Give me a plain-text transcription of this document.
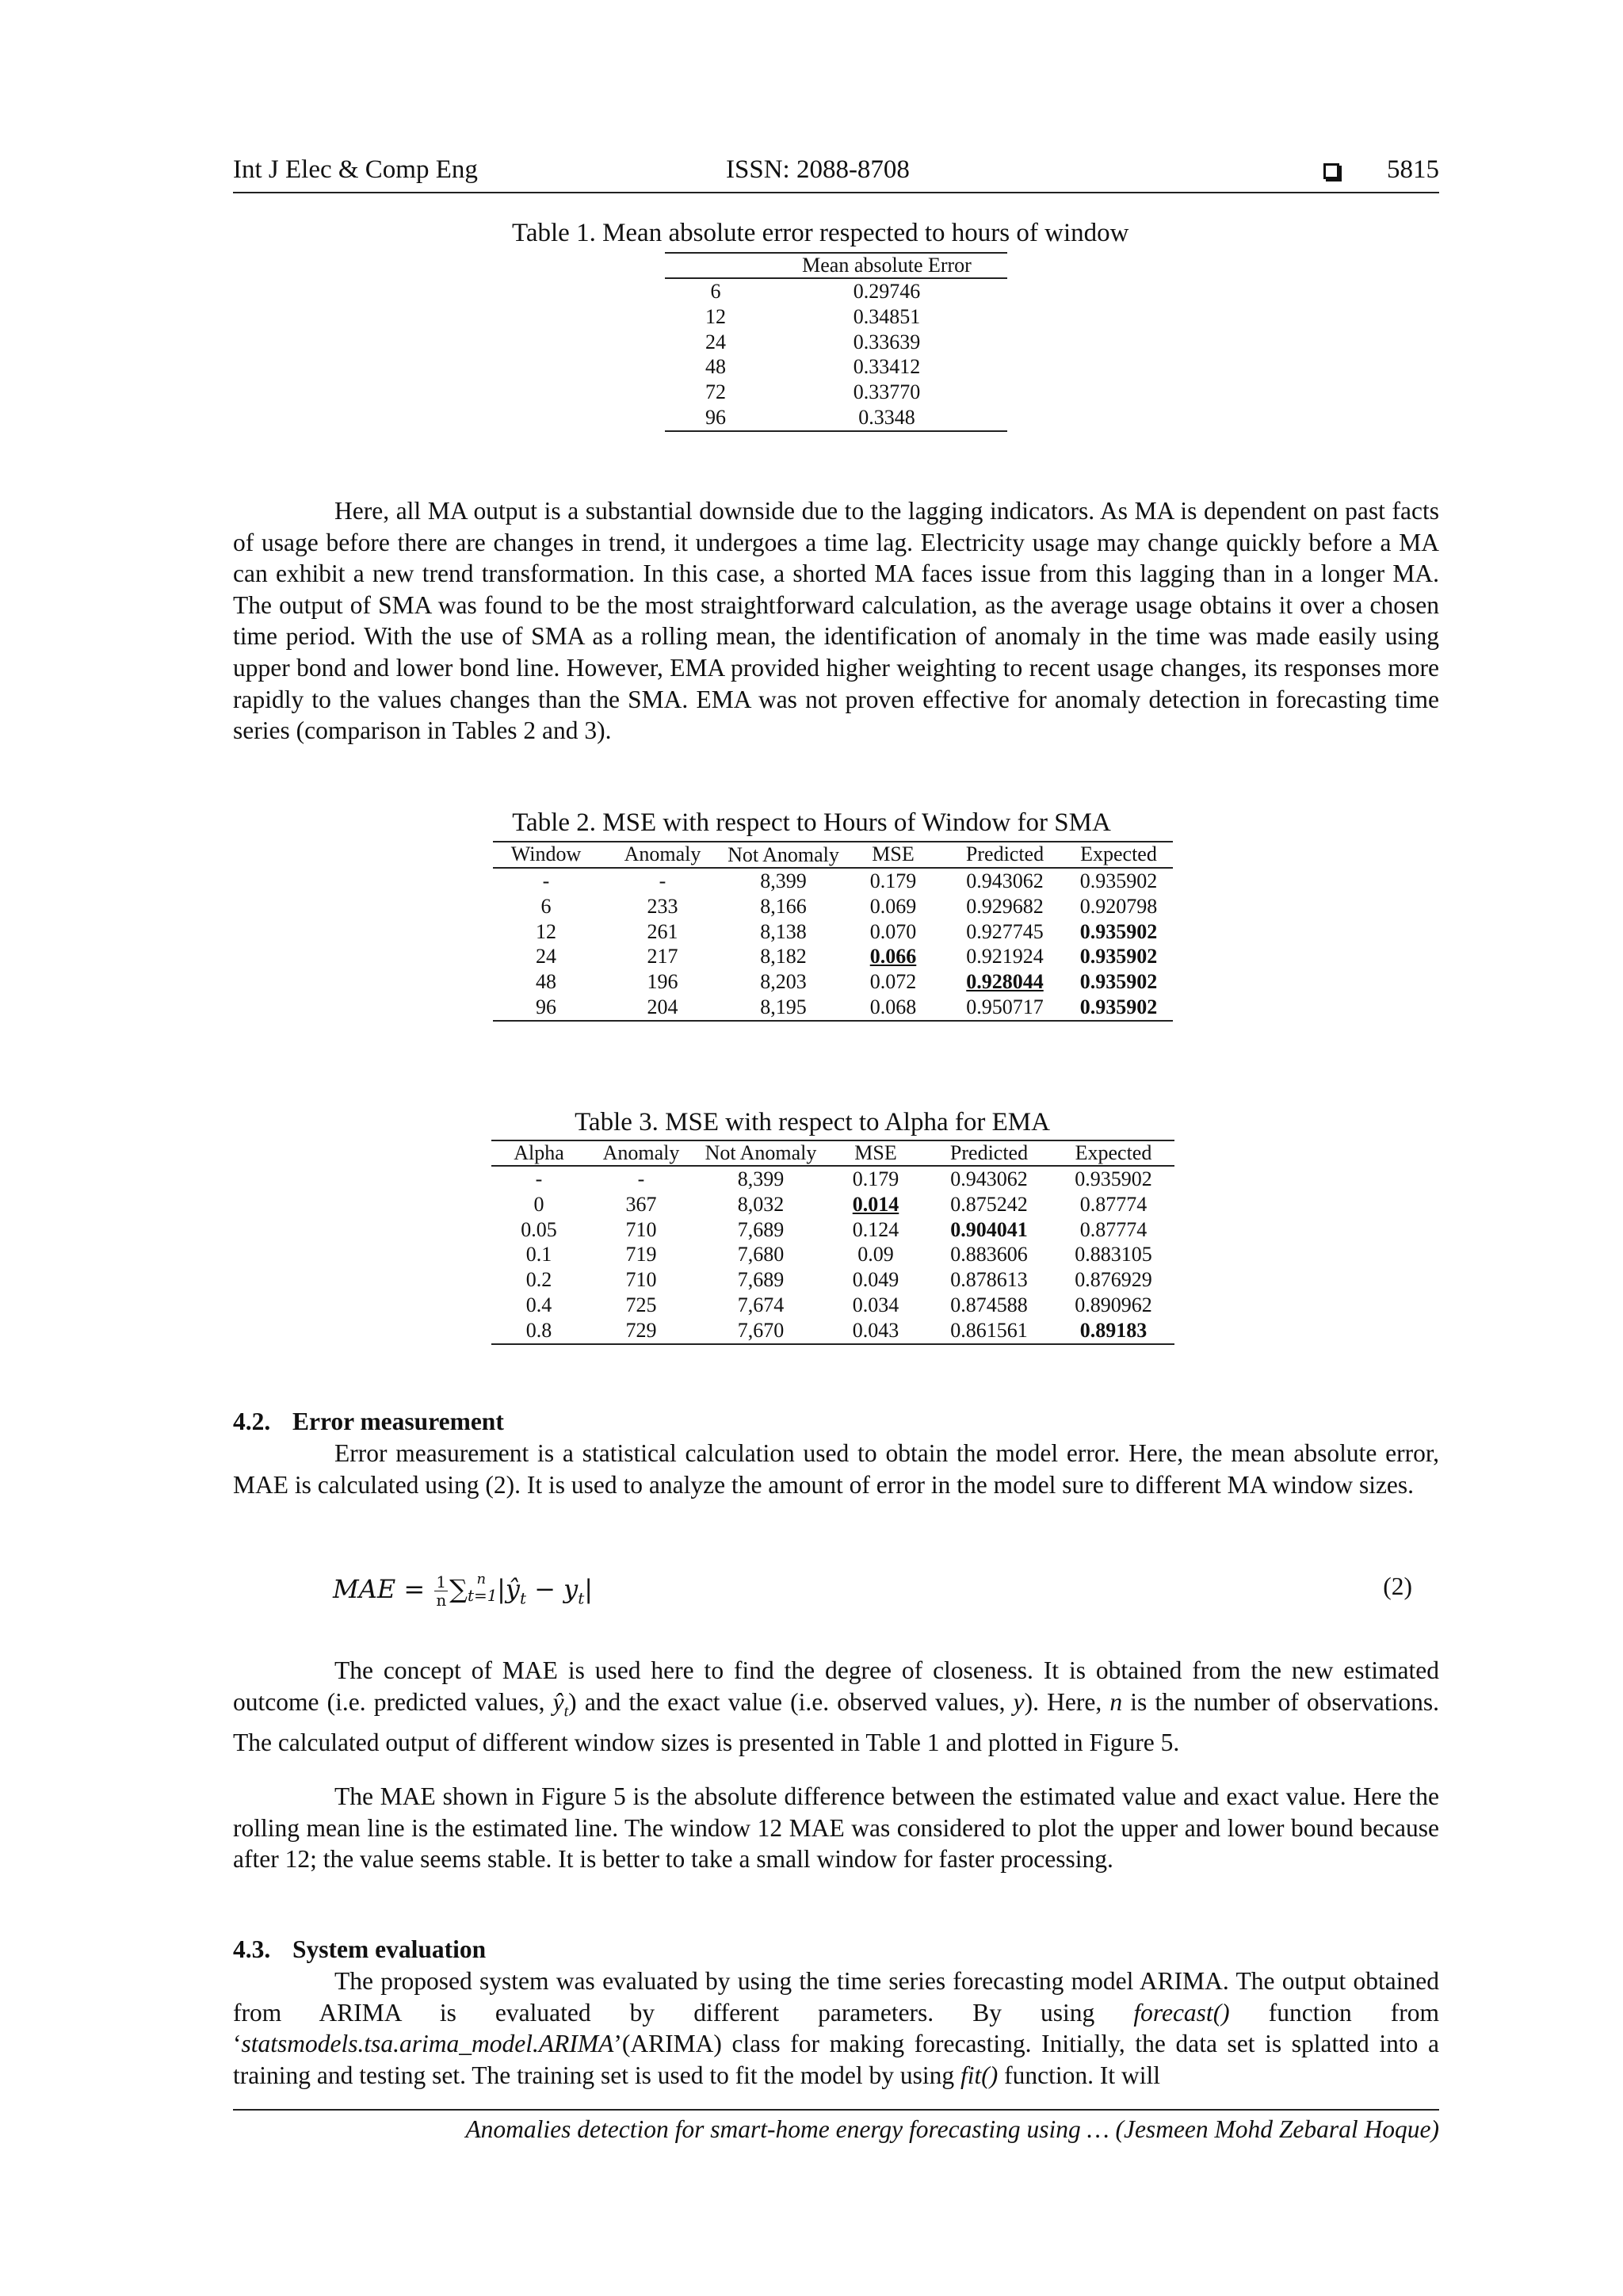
Int J Elec & Comp Eng	ISSN: 2088-8708	5815
Table 1. Mean absolute error respected to hours of window
	Mean absolute Error
6	0.29746
12	0.34851
24	0.33639
48	0.33412
72	0.33770
96	0.3348
Here, all MA output is a substantial downside due to the lagging indicators. As MA is dependent on past facts of usage before there are changes in trend, it undergoes a time lag. Electricity usage may change quickly before a MA can exhibit a new trend transformation. In this case, a shorted MA faces issue from this lagging than in a longer MA. The output of SMA was found to be the most straightforward calculation, as the average usage obtains it over a chosen time period. With the use of SMA as a rolling mean, the identification of anomaly in the time was made easily using upper bond and lower bond line. However, EMA provided higher weighting to recent usage changes, its responses more rapidly to the values changes than the SMA. EMA was not proven effective for anomaly detection in forecasting time series (comparison in Tables 2 and 3).
Table 2. MSE with respect to Hours of Window for SMA
Window	Anomaly	Not Anomaly	MSE	Predicted	Expected
-	-	8,399	0.179	0.943062	0.935902
6	233	8,166	0.069	0.929682	0.920798
12	261	8,138	0.070	0.927745	0.935902
24	217	8,182	0.066	0.921924	0.935902
48	196	8,203	0.072	0.928044	0.935902
96	204	8,195	0.068	0.950717	0.935902
Table 3. MSE with respect to Alpha for EMA
Alpha	Anomaly	Not Anomaly	MSE	Predicted	Expected
-	-	8,399	0.179	0.943062	0.935902
0	367	8,032	0.014	0.875242	0.87774
0.05	710	7,689	0.124	0.904041	0.87774
0.1	719	7,680	0.09	0.883606	0.883105
0.2	710	7,689	0.049	0.878613	0.876929
0.4	725	7,674	0.034	0.874588	0.890962
0.8	729	7,670	0.043	0.861561	0.89183
4.2. Error measurement
Error measurement is a statistical calculation used to obtain the model error. Here, the mean absolute error, MAE is calculated using (2). It is used to analyze the amount of error in the model sure to different MA window sizes.
MAE = $\frac{1}{n} \sum t=1^n$ $|ŷ_t - y_t|$	(2)
The concept of MAE is used here to find the degree of closeness. It is obtained from the new estimated outcome (i.e. predicted values, $ŷ_t$) and the exact value (i.e. observed values, y). Here, n is the number of observations. The calculated output of different window sizes is presented in Table 1 and plotted in Figure 5.
The MAE shown in Figure 5 is the absolute difference between the estimated value and exact value. Here the rolling mean line is the estimated line. The window 12 MAE was considered to plot the upper and lower bound because after 12; the value seems stable. It is better to take a small window for faster processing.
4.3. System evaluation
The proposed system was evaluated by using the time series forecasting model ARIMA. The output obtained from ARIMA is evaluated by different parameters. By using forecast() function from ‘statsmodels.tsa.arima_model.ARIMA’(ARIMA) class for making forecasting. Initially, the data set is splatted into a training and testing set. The training set is used to fit the model by using fit() function. It will
Anomalies detection for smart-home energy forecasting using … (Jesmeen Mohd Zebaral Hoque)
